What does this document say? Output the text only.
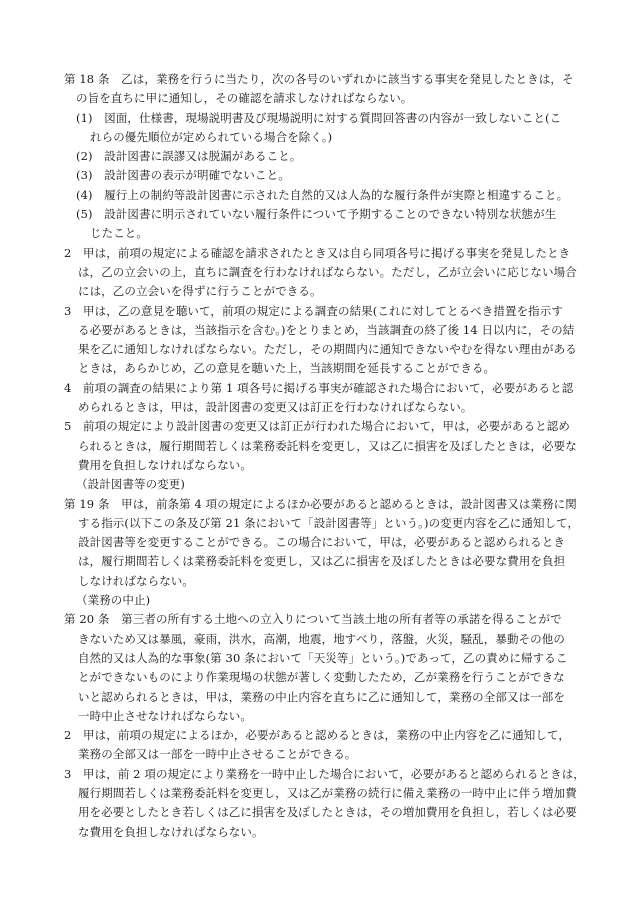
第 18 条　乙は，業務を行うに当たり，次の各号のいずれかに該当する事実を発見したときは，そ
の旨を直ちに甲に通知し，その確認を請求しなければならない。
(1)　図面，仕様書，現場説明書及び現場説明に対する質問回答書の内容が一致しないこと(こ
れらの優先順位が定められている場合を除く。)
(2)　設計図書に誤謬又は脱漏があること。
(3)　設計図書の表示が明確でないこと。
(4)　履行上の制約等設計図書に示された自然的又は人為的な履行条件が実際と相違すること。
(5)　設計図書に明示されていない履行条件について予期することのできない特別な状態が生
じたこと。
2　甲は，前項の規定による確認を請求されたとき又は自ら同項各号に掲げる事実を発見したとき
は，乙の立会いの上，直ちに調査を行わなければならない。ただし，乙が立会いに応じない場合
には，乙の立会いを得ずに行うことができる。
3　甲は，乙の意見を聴いて，前項の規定による調査の結果(これに対してとるべき措置を指示す
る必要があるときは，当該指示を含む。)をとりまとめ，当該調査の終了後 14 日以内に，その結
果を乙に通知しなければならない。ただし，その期間内に通知できないやむを得ない理由がある
ときは，あらかじめ，乙の意見を聴いた上，当該期間を延長することができる。
4　前項の調査の結果により第 1 項各号に掲げる事実が確認された場合において，必要があると認
められるときは，甲は，設計図書の変更又は訂正を行わなければならない。
5　前項の規定により設計図書の変更又は訂正が行われた場合において，甲は，必要があると認め
られるときは，履行期間若しくは業務委託料を変更し，又は乙に損害を及ぼしたときは，必要な
費用を負担しなければならない。
（設計図書等の変更)
第 19 条　甲は，前条第 4 項の規定によるほか必要があると認めるときは，設計図書又は業務に関
する指示(以下この条及び第 21 条において「設計図書等」という。)の変更内容を乙に通知して，
設計図書等を変更することができる。この場合において，甲は，必要があると認められるとき
は，履行期間若しくは業務委託料を変更し，又は乙に損害を及ぼしたときは必要な費用を負担
しなければならない。
（業務の中止)
第 20 条　第三者の所有する土地への立入りについて当該土地の所有者等の承諾を得ることがで
きないため又は暴風，豪雨，洪水，高潮，地震，地すべり，落盤，火災，騒乱，暴動その他の
自然的又は人為的な事象(第 30 条において「天災等」という。)であって，乙の責めに帰するこ
とができないものにより作業現場の状態が著しく変動したため，乙が業務を行うことができな
いと認められるときは，甲は，業務の中止内容を直ちに乙に通知して，業務の全部又は一部を
一時中止させなければならない。
2　甲は，前項の規定によるほか，必要があると認めるときは，業務の中止内容を乙に通知して，
業務の全部又は一部を一時中止させることができる。
3　甲は，前 2 項の規定により業務を一時中止した場合において，必要があると認められるときは，
履行期間若しくは業務委託料を変更し，又は乙が業務の続行に備え業務の一時中止に伴う増加費
用を必要としたとき若しくは乙に損害を及ぼしたときは，その増加費用を負担し，若しくは必要
な費用を負担しなければならない。
